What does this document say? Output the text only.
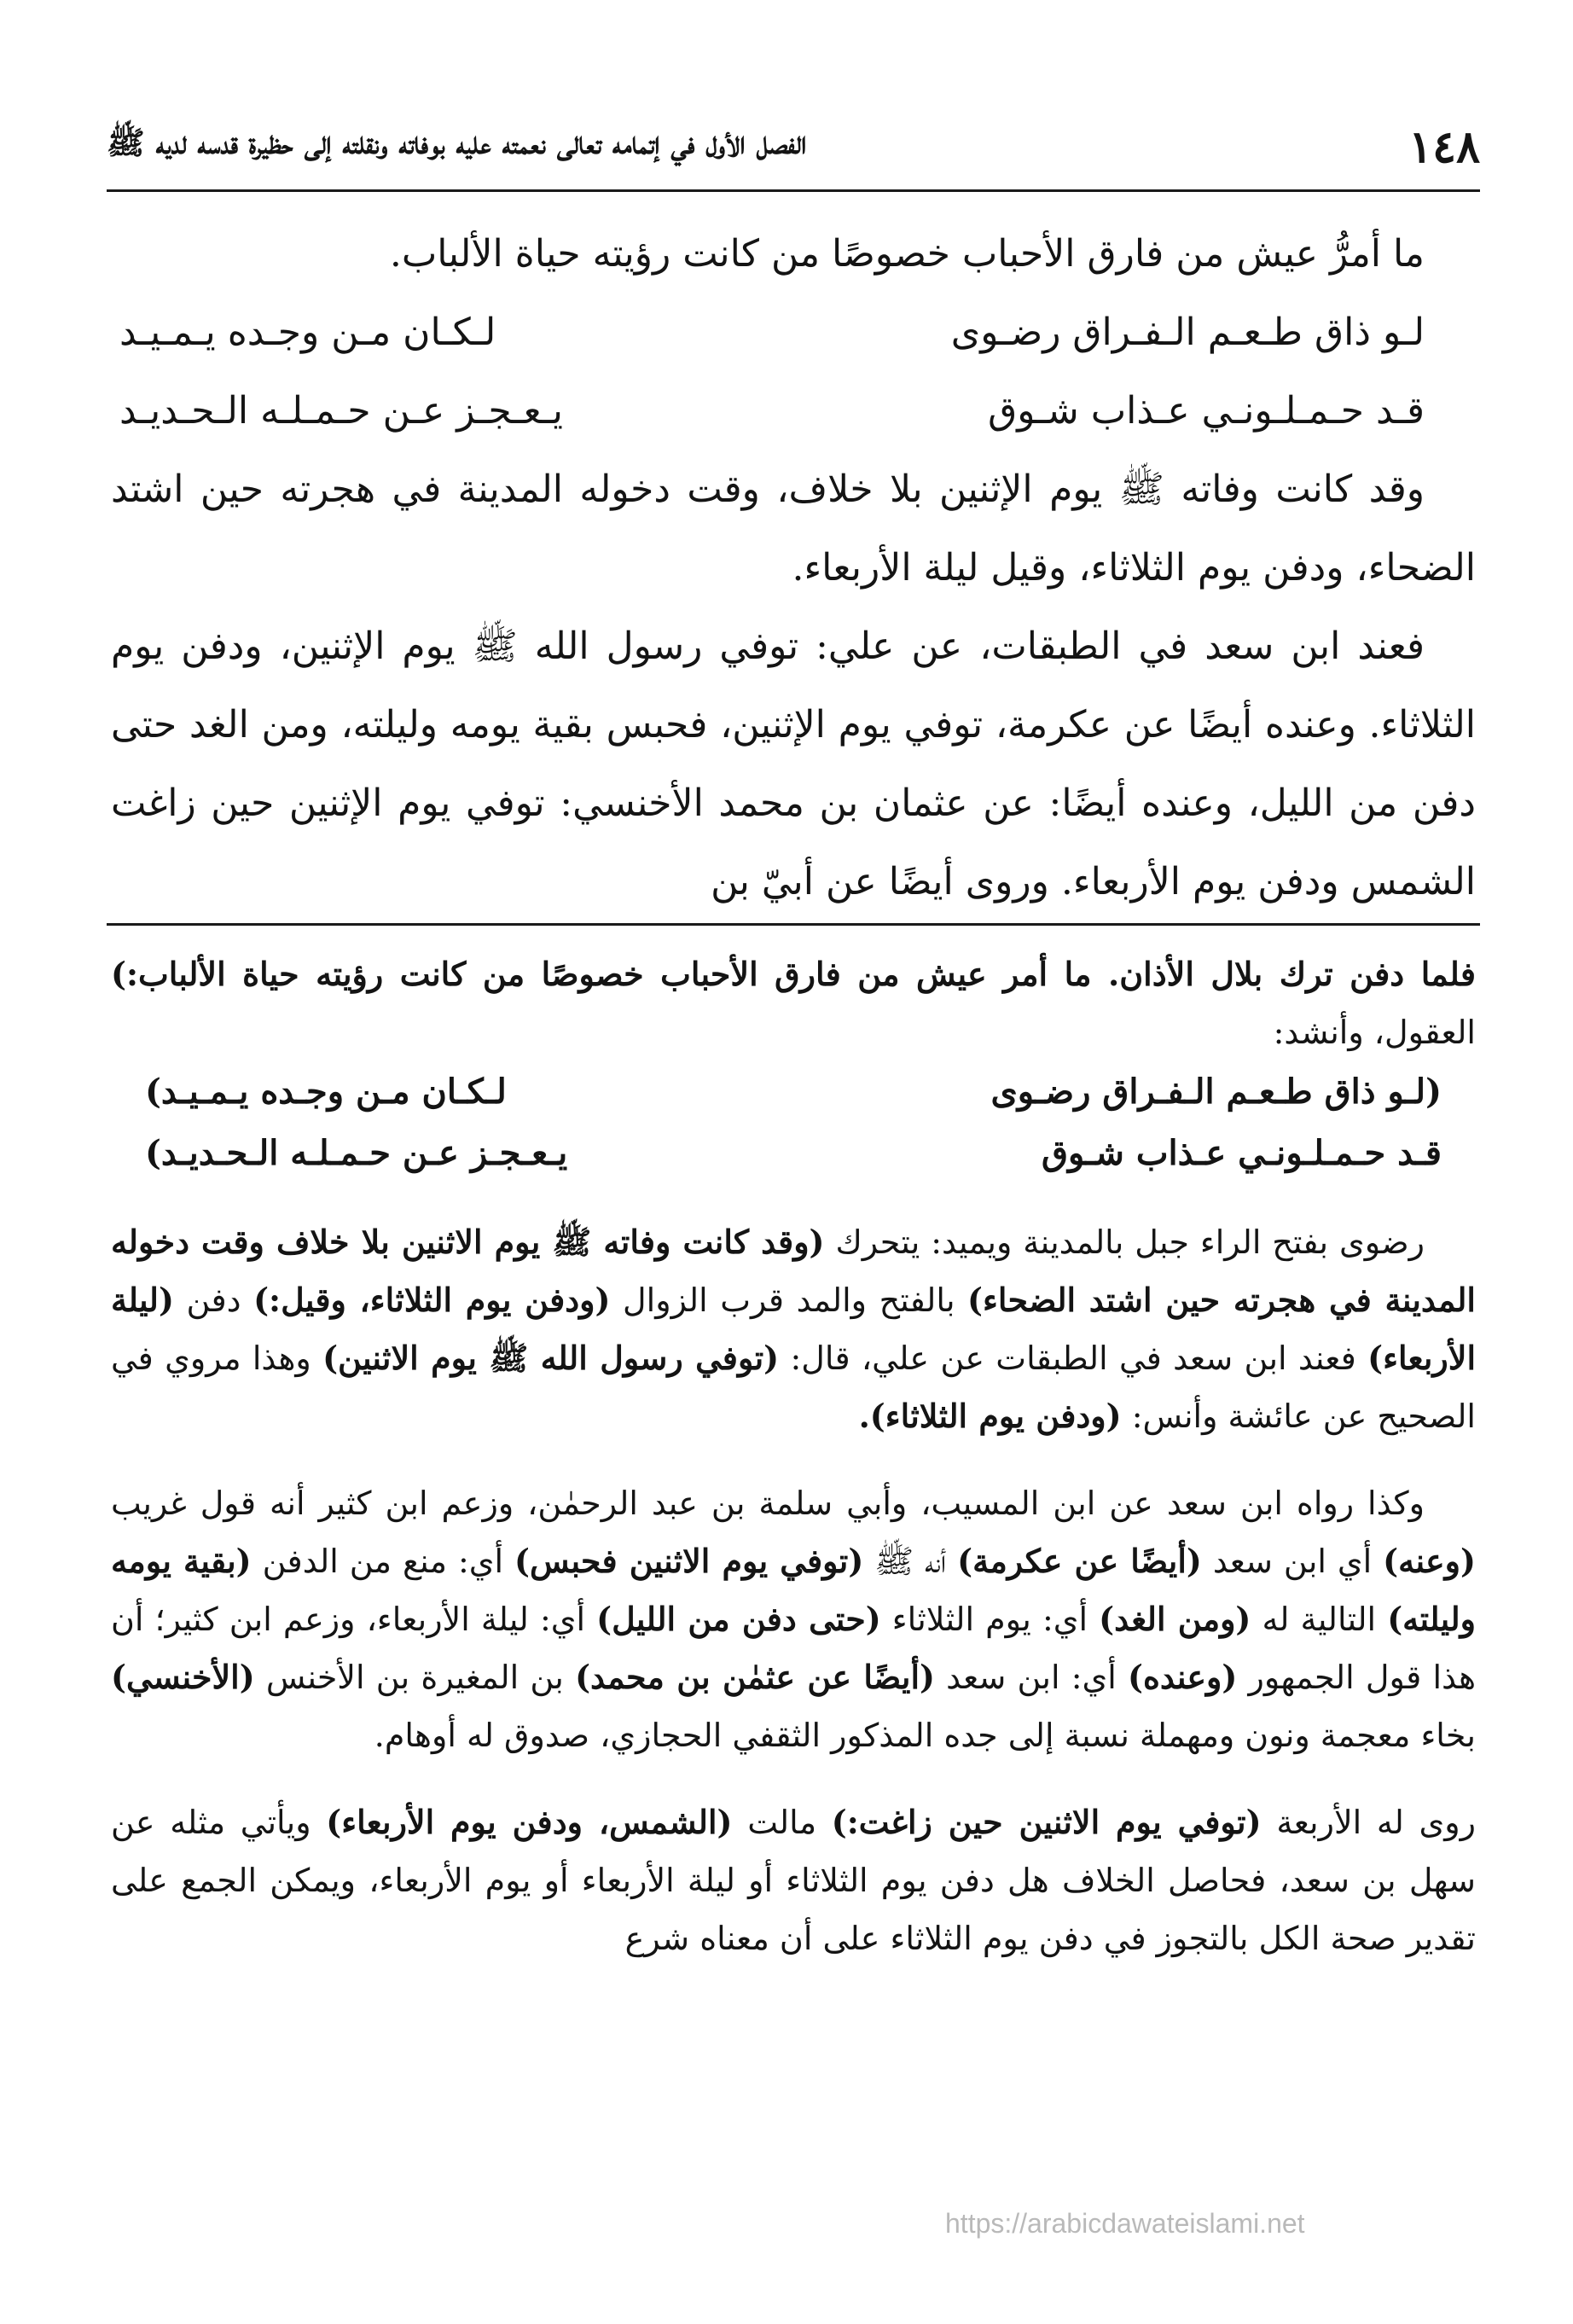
١٤٨
الفصل الأول في إتمامه تعالى نعمته عليه بوفاته ونقلته إلى حظيرة قدسه لديه ﷺ

ما أمرُّ عيش من فارق الأحباب خصوصًا من كانت رؤيته حياة الألباب.

لـو ذاق طـعـم الـفـراق رضـوى
لـكـان مـن وجـده يـمـيـد
قـد حـمـلـونـي عـذاب شـوق
يـعـجـز عـن حـمـلـه الـحـديـد

وقد كانت وفاته ﷺ يوم الإثنين بلا خلاف، وقت دخوله المدينة في هجرته حين اشتد الضحاء، ودفن يوم الثلاثاء، وقيل ليلة الأربعاء.

فعند ابن سعد في الطبقات، عن علي: توفي رسول الله ﷺ يوم الإثنين، ودفن يوم الثلاثاء. وعنده أيضًا عن عكرمة، توفي يوم الإثنين، فحبس بقية يومه وليلته، ومن الغد حتى دفن من الليل، وعنده أيضًا: عن عثمان بن محمد الأخنسي: توفي يوم الإثنين حين زاغت الشمس ودفن يوم الأربعاء. وروى أيضًا عن أبيّ بن

فلما دفن ترك بلال الأذان. ما أمر عيش من فارق الأحباب خصوصًا من كانت رؤيته حياة الألباب:) العقول، وأنشد:

(لـو ذاق طـعـم الـفـراق رضـوى
لـكـان مـن وجـده يـمـيـد)
قـد حـمـلـونـي عـذاب شـوق
يـعـجـز عـن حـمـلـه الـحـديـد)

رضوى بفتح الراء جبل بالمدينة ويميد: يتحرك (وقد كانت وفاته ﷺ يوم الاثنين بلا خلاف وقت دخوله المدينة في هجرته حين اشتد الضحاء) بالفتح والمد قرب الزوال (ودفن يوم الثلاثاء، وقيل:) دفن (ليلة الأربعاء) فعند ابن سعد في الطبقات عن علي، قال: (توفي رسول الله ﷺ يوم الاثنين) وهذا مروي في الصحيح عن عائشة وأنس: (ودفن يوم الثلاثاء).

وكذا رواه ابن سعد عن ابن المسيب، وأبي سلمة بن عبد الرحمٰن، وزعم ابن كثير أنه قول غريب (وعنه) أي ابن سعد (أيضًا عن عكرمة) أنه ﷺ (توفي يوم الاثنين فحبس) أي: منع من الدفن (بقية يومه وليلته) التالية له (ومن الغد) أي: يوم الثلاثاء (حتى دفن من الليل) أي: ليلة الأربعاء، وزعم ابن كثير؛ أن هذا قول الجمهور (وعنده) أي: ابن سعد (أيضًا عن عثمٰن بن محمد) بن المغيرة بن الأخنس (الأخنسي) بخاء معجمة ونون ومهملة نسبة إلى جده المذكور الثقفي الحجازي، صدوق له أوهام.

روى له الأربعة (توفي يوم الاثنين حين زاغت:) مالت (الشمس، ودفن يوم الأربعاء) ويأتي مثله عن سهل بن سعد، فحاصل الخلاف هل دفن يوم الثلاثاء أو ليلة الأربعاء أو يوم الأربعاء، ويمكن الجمع على تقدير صحة الكل بالتجوز في دفن يوم الثلاثاء على أن معناه شرع

https://arabicdawateislami.net
